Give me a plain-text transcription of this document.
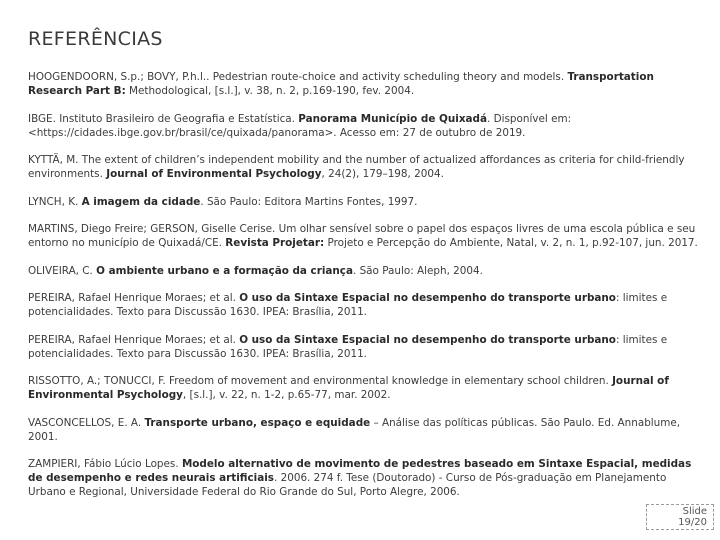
REFERÊNCIAS

HOOGENDOORN, S.p.; BOVY, P.h.l.. Pedestrian route-choice and activity scheduling theory and models. Transportation Research Part B: Methodological, [s.l.], v. 38, n. 2, p.169-190, fev. 2004.

IBGE. Instituto Brasileiro de Geografia e Estatística. Panorama Município de Quixadá. Disponível em: <https://cidades.ibge.gov.br/brasil/ce/quixada/panorama>. Acesso em: 27 de outubro de 2019.

KYTTÄ, M. The extent of children’s independent mobility and the number of actualized affordances as criteria for child-friendly environments. Journal of Environmental Psychology, 24(2), 179–198, 2004.

LYNCH, K. A imagem da cidade. São Paulo: Editora Martins Fontes, 1997.

MARTINS, Diego Freire; GERSON, Giselle Cerise. Um olhar sensível sobre o papel dos espaços livres de uma escola pública e seu entorno no município de Quixadá/CE. Revista Projetar: Projeto e Percepção do Ambiente, Natal, v. 2, n. 1, p.92-107, jun. 2017.

OLIVEIRA, C. O ambiente urbano e a formação da criança. São Paulo: Aleph, 2004.

PEREIRA, Rafael Henrique Moraes; et al. O uso da Sintaxe Espacial no desempenho do transporte urbano: limites e potencialidades. Texto para Discussão 1630. IPEA: Brasília, 2011.

PEREIRA, Rafael Henrique Moraes; et al. O uso da Sintaxe Espacial no desempenho do transporte urbano: limites e potencialidades. Texto para Discussão 1630. IPEA: Brasília, 2011.

RISSOTTO, A.; TONUCCI, F. Freedom of movement and environmental knowledge in elementary school children. Journal of Environmental Psychology, [s.l.], v. 22, n. 1-2, p.65-77, mar. 2002.

VASCONCELLOS, E. A. Transporte urbano, espaço e equidade – Análise das políticas públicas. São Paulo. Ed. Annablume, 2001.

ZAMPIERI, Fábio Lúcio Lopes. Modelo alternativo de movimento de pedestres baseado em Sintaxe Espacial, medidas de desempenho e redes neurais artificiais. 2006. 274 f. Tese (Doutorado) - Curso de Pós-graduação em Planejamento Urbano e Regional, Universidade Federal do Rio Grande do Sul, Porto Alegre, 2006.

Slide
19/20
